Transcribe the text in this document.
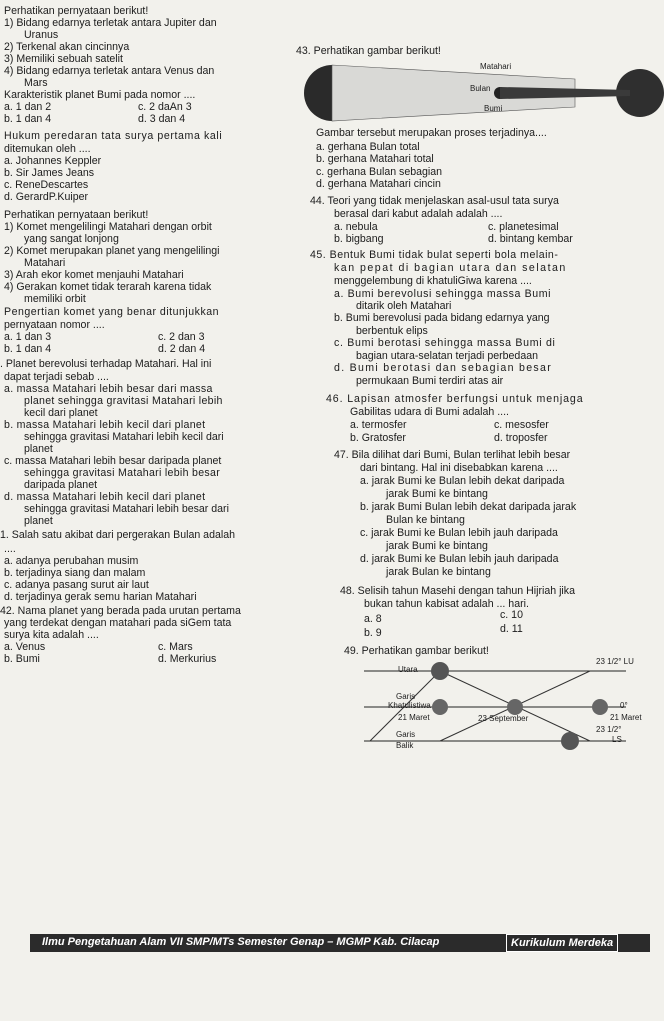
Perhatikan pernyataan berikut!
1) Bidang edarnya terletak antara Jupiter dan
Uranus
2) Terkenal akan cincinnya
3) Memiliki sebuah satelit
4) Bidang edarnya terletak antara Venus dan
Mars
Karakteristik planet Bumi pada nomor ....
a. 1 dan 2	c. 2 daAn 3
b. 1 dan 4	d. 3 dan 4
Hukum peredaran tata surya pertama kali
ditemukan oleh ....
a. Johannes Keppler
b. Sir James Jeans
c. ReneDescartes
d. GerardP.Kuiper
Perhatikan pernyataan berikut!
1) Komet mengelilingi Matahari dengan orbit
yang sangat lonjong
2) Komet merupakan planet yang mengelilingi
Matahari
3) Arah ekor komet menjauhi Matahari
4) Gerakan komet tidak terarah karena tidak
memiliki orbit
Pengertian komet yang benar ditunjukkan
pernyataan nomor ....
a. 1 dan 3	c. 2 dan 3
b. 1 dan 4	d. 2 dan 4
. Planet berevolusi terhadap Matahari. Hal ini
dapat terjadi sebab ....
a. massa Matahari lebih besar dari massa
planet sehingga gravitasi Matahari lebih
kecil dari planet
b. massa Matahari lebih kecil dari planet
sehingga gravitasi Matahari lebih kecil dari
planet
c. massa Matahari lebih besar daripada planet
sehingga gravitasi Matahari lebih besar
daripada planet
d. massa Matahari lebih kecil dari planet
sehingga gravitasi Matahari lebih besar dari
planet
1. Salah satu akibat dari pergerakan Bulan adalah
....
a. adanya perubahan musim
b. terjadinya siang dan malam
c. adanya pasang surut air laut
d. terjadinya gerak semu harian Matahari
42. Nama planet yang berada pada urutan pertama
yang terdekat dengan matahari pada siGem tata
surya kita adalah ....
a. Venus	c. Mars
b. Bumi	d. Merkurius
43. Perhatikan gambar berikut!
Matahari
Bulan
Bumi
Gambar tersebut merupakan proses terjadinya....
a. gerhana Bulan total
b. gerhana Matahari total
c. gerhana Bulan sebagian
d. gerhana Matahari cincin
44. Teori yang tidak menjelaskan asal-usul tata surya
berasal dari kabut adalah adalah ....
a. nebula	c. planetesimal
b. bigbang	d. bintang kembar
45. Bentuk Bumi tidak bulat seperti bola melain-
kan pepat di bagian utara dan selatan
menggelembung di khatuliGiwa karena ....
a. Bumi berevolusi sehingga massa Bumi
ditarik oleh Matahari
b. Bumi berevolusi pada bidang edarnya yang
berbentuk elips
c. Bumi berotasi sehingga massa Bumi di
bagian utara-selatan terjadi perbedaan
d. Bumi berotasi dan sebagian besar
permukaan Bumi terdiri atas air
46. Lapisan atmosfer berfungsi untuk menjaga
Gabilitas udara di Bumi adalah ....
a. termosfer	c. mesosfer
b. Gratosfer	d. troposfer
47. Bila dilihat dari Bumi, Bulan terlihat lebih besar
dari bintang. Hal ini disebabkan karena ....
a. jarak Bumi ke Bulan lebih dekat daripada
jarak Bumi ke bintang
b. jarak Bumi Bulan lebih dekat daripada jarak
Bulan ke bintang
c. jarak Bumi ke Bulan lebih jauh daripada
jarak Bumi ke bintang
d. jarak Bumi ke Bulan lebih jauh daripada
jarak Bulan ke bintang
48. Selisih tahun Masehi dengan tahun Hijriah jika
bukan tahun kabisat adalah ... hari.
a. 8	c. 10
b. 9	d. 11
49. Perhatikan gambar berikut!
Utara
23 1/2° LU
Garis
Khatulistiwa	0°
21 Maret	23 September	21 Maret
23 1/2°
LS
Garis
Balik
Ilmu Pengetahuan Alam VII SMP/MTs Semester Genap – MGMP Kab. Cilacap	Kurikulum Merdeka
